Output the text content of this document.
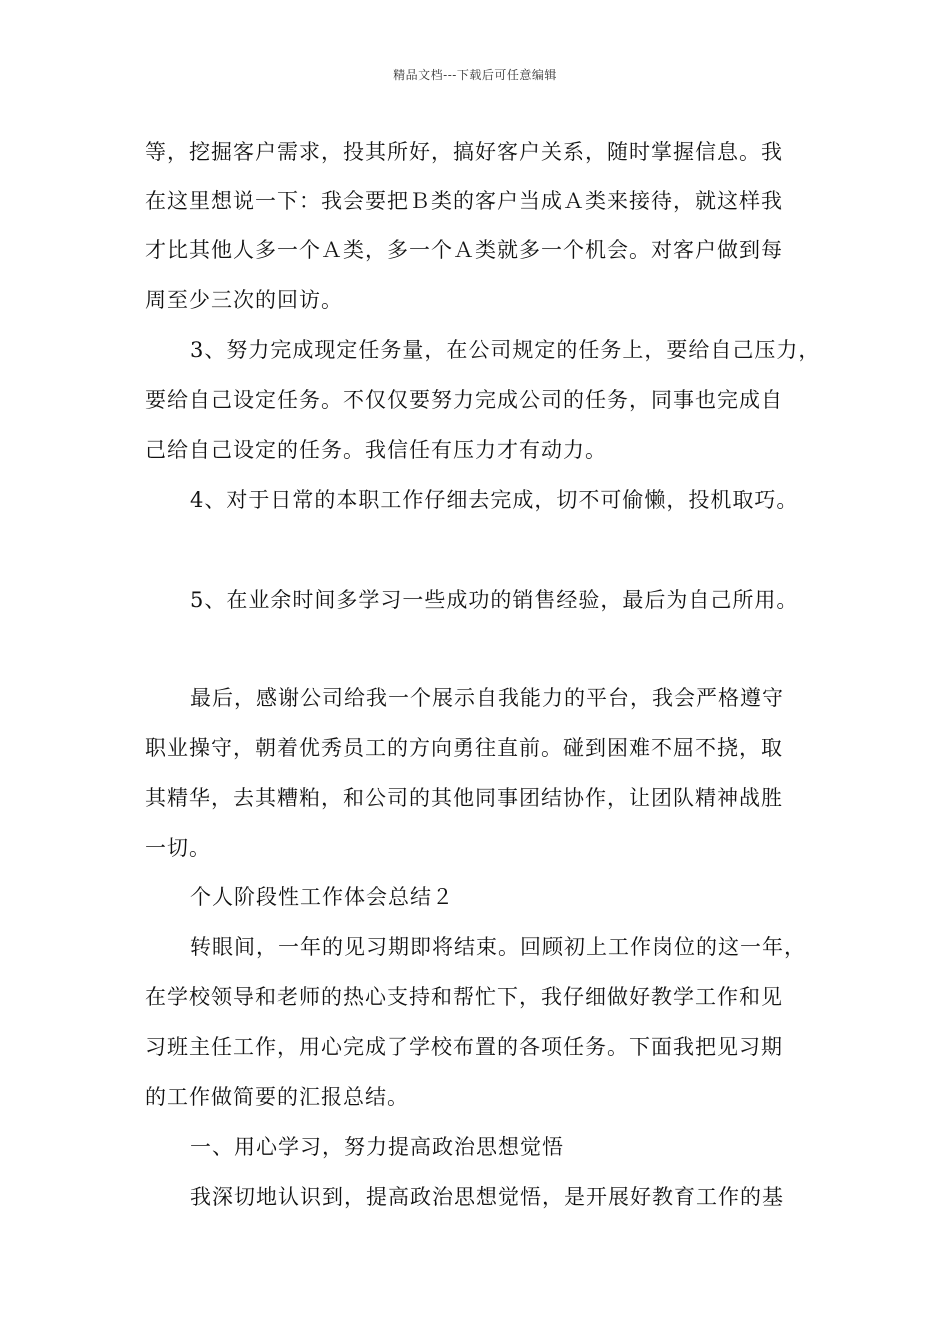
精品文档---下载后可任意编辑
等，挖掘客户需求，投其所好，搞好客户关系，随时掌握信息。我
在这里想说一下：我会要把Ｂ类的客户当成Ａ类来接待，就这样我
才比其他人多一个Ａ类，多一个Ａ类就多一个机会。对客户做到每
周至少三次的回访。
3、努力完成现定任务量，在公司规定的任务上，要给自己压力，
要给自己设定任务。不仅仅要努力完成公司的任务，同事也完成自
己给自己设定的任务。我信任有压力才有动力。
4、对于日常的本职工作仔细去完成，切不可偷懒，投机取巧。
5、在业余时间多学习一些成功的销售经验，最后为自己所用。
最后，感谢公司给我一个展示自我能力的平台，我会严格遵守
职业操守，朝着优秀员工的方向勇往直前。碰到困难不屈不挠，取
其精华，去其糟粕，和公司的其他同事团结协作，让团队精神战胜
一切。
个人阶段性工作体会总结２
转眼间，一年的见习期即将结束。回顾初上工作岗位的这一年，
在学校领导和老师的热心支持和帮忙下，我仔细做好教学工作和见
习班主任工作，用心完成了学校布置的各项任务。下面我把见习期
的工作做简要的汇报总结。
一、用心学习，努力提高政治思想觉悟
我深切地认识到，提高政治思想觉悟，是开展好教育工作的基
